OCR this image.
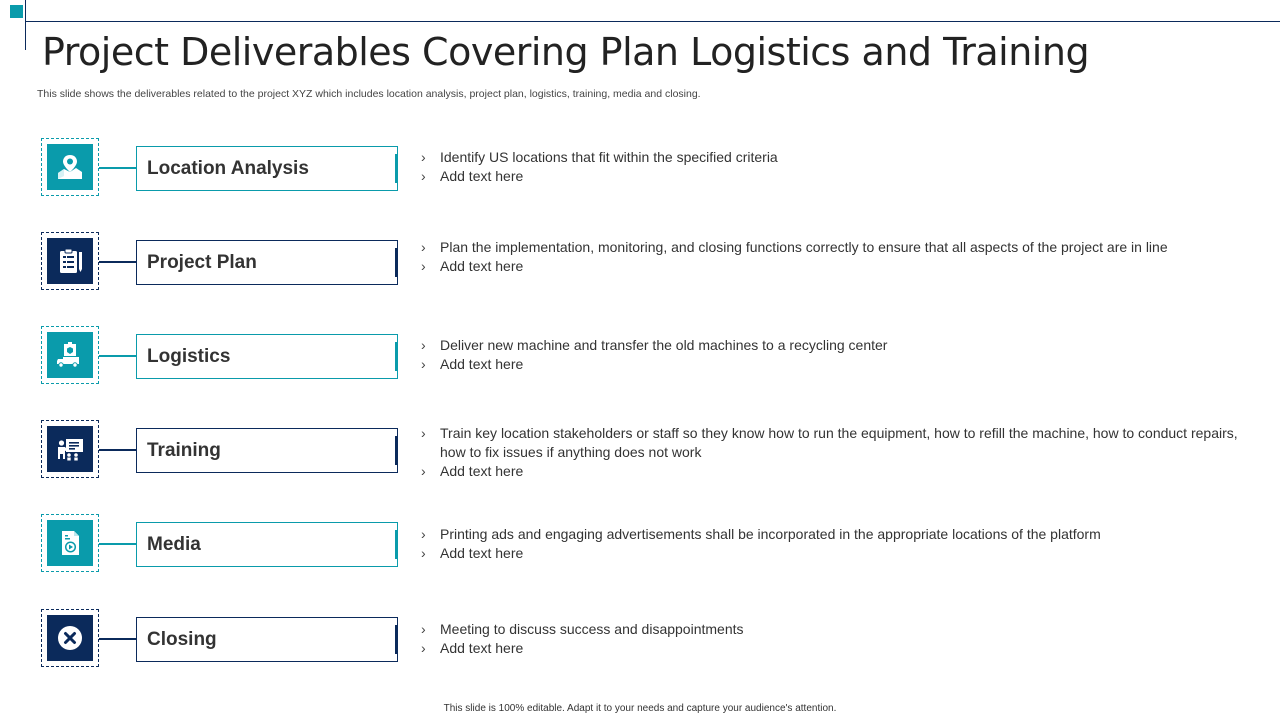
Project Deliverables Covering Plan Logistics and Training
This slide shows the deliverables related to the project XYZ which includes location analysis, project plan, logistics, training, media and closing.
Location Analysis
› Identify US locations that fit within the specified criteria
› Add text here
Project Plan
› Plan the implementation, monitoring, and closing functions correctly to ensure that all aspects of the project are in line
› Add text here
Logistics
› Deliver new machine and transfer the old machines to a recycling center
› Add text here
Training
› Train key location stakeholders or staff so they know how to run the equipment, how to refill the machine, how to conduct repairs, how to fix issues if anything does not work
› Add text here
Media	› Printing ads and engaging advertisements shall be incorporated in the appropriate locations of the platform
› Add text here
Closing	› Meeting to discuss success and disappointments
› Add text here
This slide is 100% editable. Adapt it to your needs and capture your audience's attention.
